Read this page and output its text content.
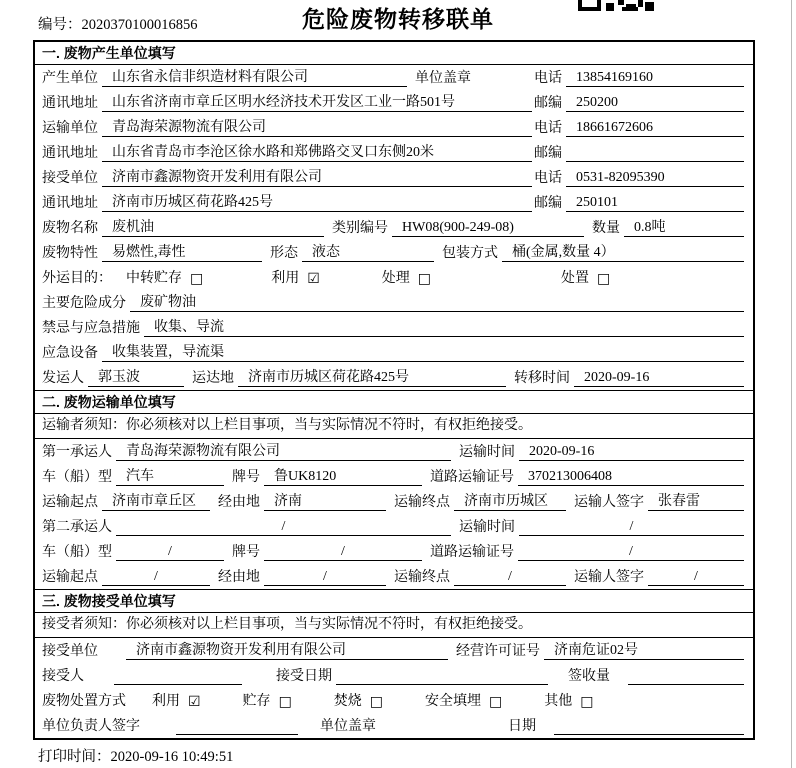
编号：2020370100016856	危险废物转移联单
一. 废物产生单位填写
产生单位	山东省永信非织造材料有限公司	单位盖章	电话	13854169160
通讯地址	山东省济南市章丘区明水经济技术开发区工业一路501号	邮编	250200
运输单位	青岛海荣源物流有限公司	电话	18661672606
通讯地址	山东省青岛市李沧区徐水路和郑佛路交叉口东侧20米	邮编
接受单位	济南市鑫源物资开发利用有限公司	电话	0531-82095390
通讯地址	济南市历城区荷花路425号	邮编	250101
废物名称	废机油	类别编号	HW08(900-249-08)	数量	0.8吨
废物特性	易燃性,毒性	形态	液态	包装方式	桶(金属,数量 4）
外运目的： 中转贮存 □	利用 ☑	处理 □	处置 □
主要危险成分	废矿物油
禁忌与应急措施	收集、导流
应急设备	收集装置，导流渠
发运人	郭玉波	运达地	济南市历城区荷花路425号	转移时间	2020-09-16
二. 废物运输单位填写
运输者须知：你必须核对以上栏目事项，当与实际情况不符时，有权拒绝接受。
第一承运人	青岛海荣源物流有限公司	运输时间	2020-09-16
车（船）型	汽车	牌号	鲁UK8120	道路运输证号	370213006408
运输起点	济南市章丘区	经由地	济南	运输终点	济南市历城区	运输人签字	张春雷
第二承运人	/	运输时间	/
车（船）型	/	牌号	/	道路运输证号	/
运输起点	/	经由地	/	运输终点	/	运输人签字	/
三. 废物接受单位填写
接受者须知：你必须核对以上栏目事项，当与实际情况不符时，有权拒绝接受。
接受单位	济南市鑫源物资开发利用有限公司	经营许可证号	济南危证02号
接受人	接受日期	签收量
废物处置方式 利用 ☑	贮存 □	焚烧 □	安全填埋 □	其他 □
单位负责人签字	单位盖章	日期
打印时间：2020-09-16 10:49:51
